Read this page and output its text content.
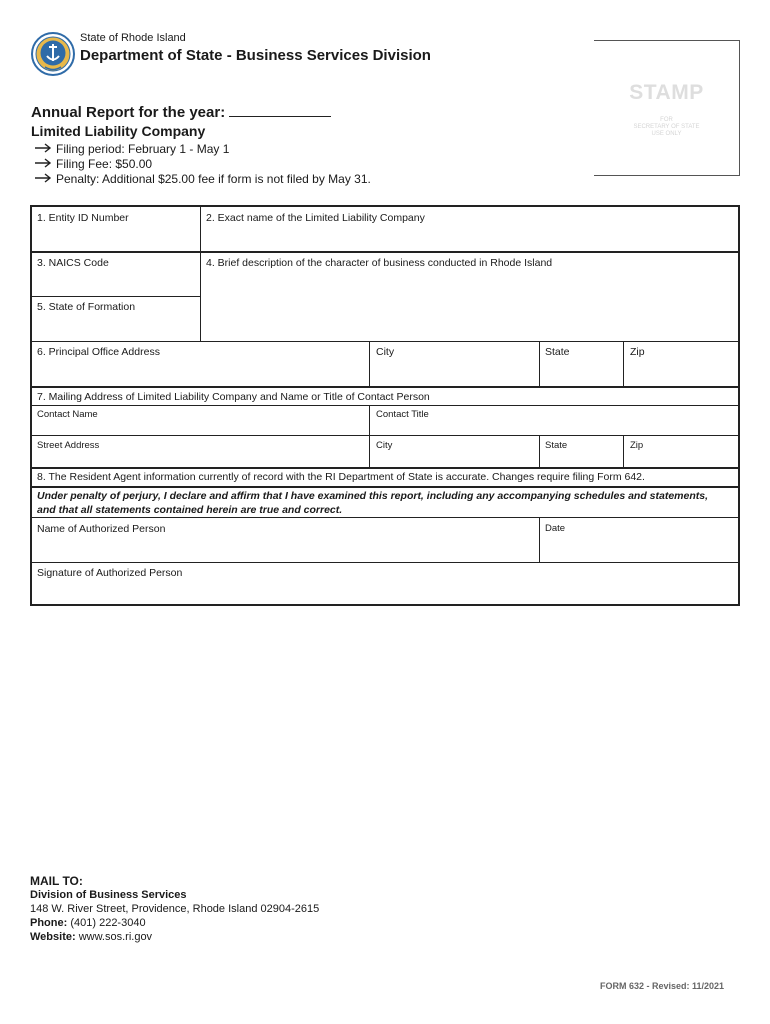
State of Rhode Island
Department of State - Business Services Division
STAMP
FOR
SECRETARY OF STATE
USE ONLY
Annual Report for the year:
Limited Liability Company
Filing period: February 1 - May 1
Filing Fee: $50.00
Penalty: Additional $25.00 fee if form is not filed by May 31.
1. Entity ID Number	2. Exact name of the Limited Liability Company
3. NAICS Code	4. Brief description of the character of business conducted in Rhode Island
5. State of Formation
6. Principal Office Address	City	State	Zip
7. Mailing Address of Limited Liability Company and Name or Title of Contact Person
Contact Name	Contact Title
Street Address	City	State	Zip
8. The Resident Agent information currently of record with the RI Department of State is accurate. Changes require filing Form 642.
Under penalty of perjury, I declare and affirm that I have examined this report, including any accompanying schedules and statements, and that all statements contained herein are true and correct.
Name of Authorized Person	Date
Signature of Authorized Person
MAIL TO:
Division of Business Services
148 W. River Street, Providence, Rhode Island 02904-2615
Phone: (401) 222-3040
Website: www.sos.ri.gov
FORM 632 - Revised: 11/2021
